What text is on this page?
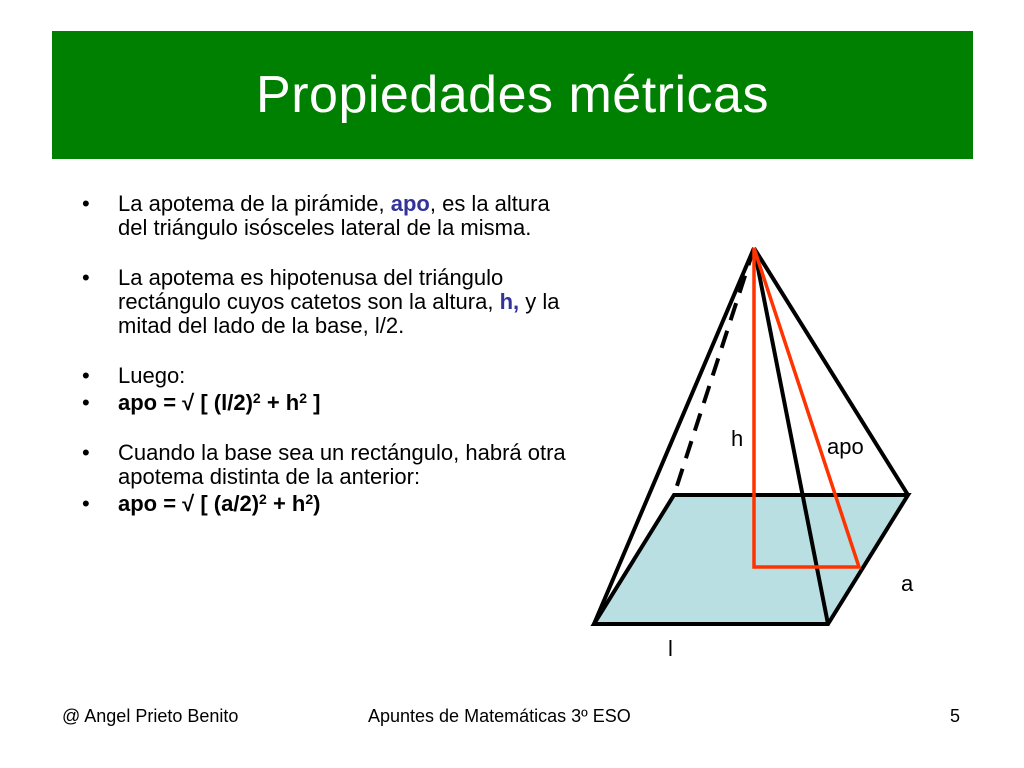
Propiedades métricas
• La apotema de la pirámide, apo, es la altura del triángulo isósceles lateral de la misma.
• La apotema es hipotenusa del triángulo rectángulo cuyos catetos son la altura, h, y la mitad del lado de la base, l/2.
• Luego:
• apo = √ [ $(l/2)^2 + h^2$ ]
• Cuando la base sea un rectángulo, habrá otra apotema distinta de la anterior:
• apo = √ [ $(a/2)^2 + h^2$)
h	apo
a
l
@ Angel Prieto Benito	Apuntes de Matemáticas 3º ESO	5
